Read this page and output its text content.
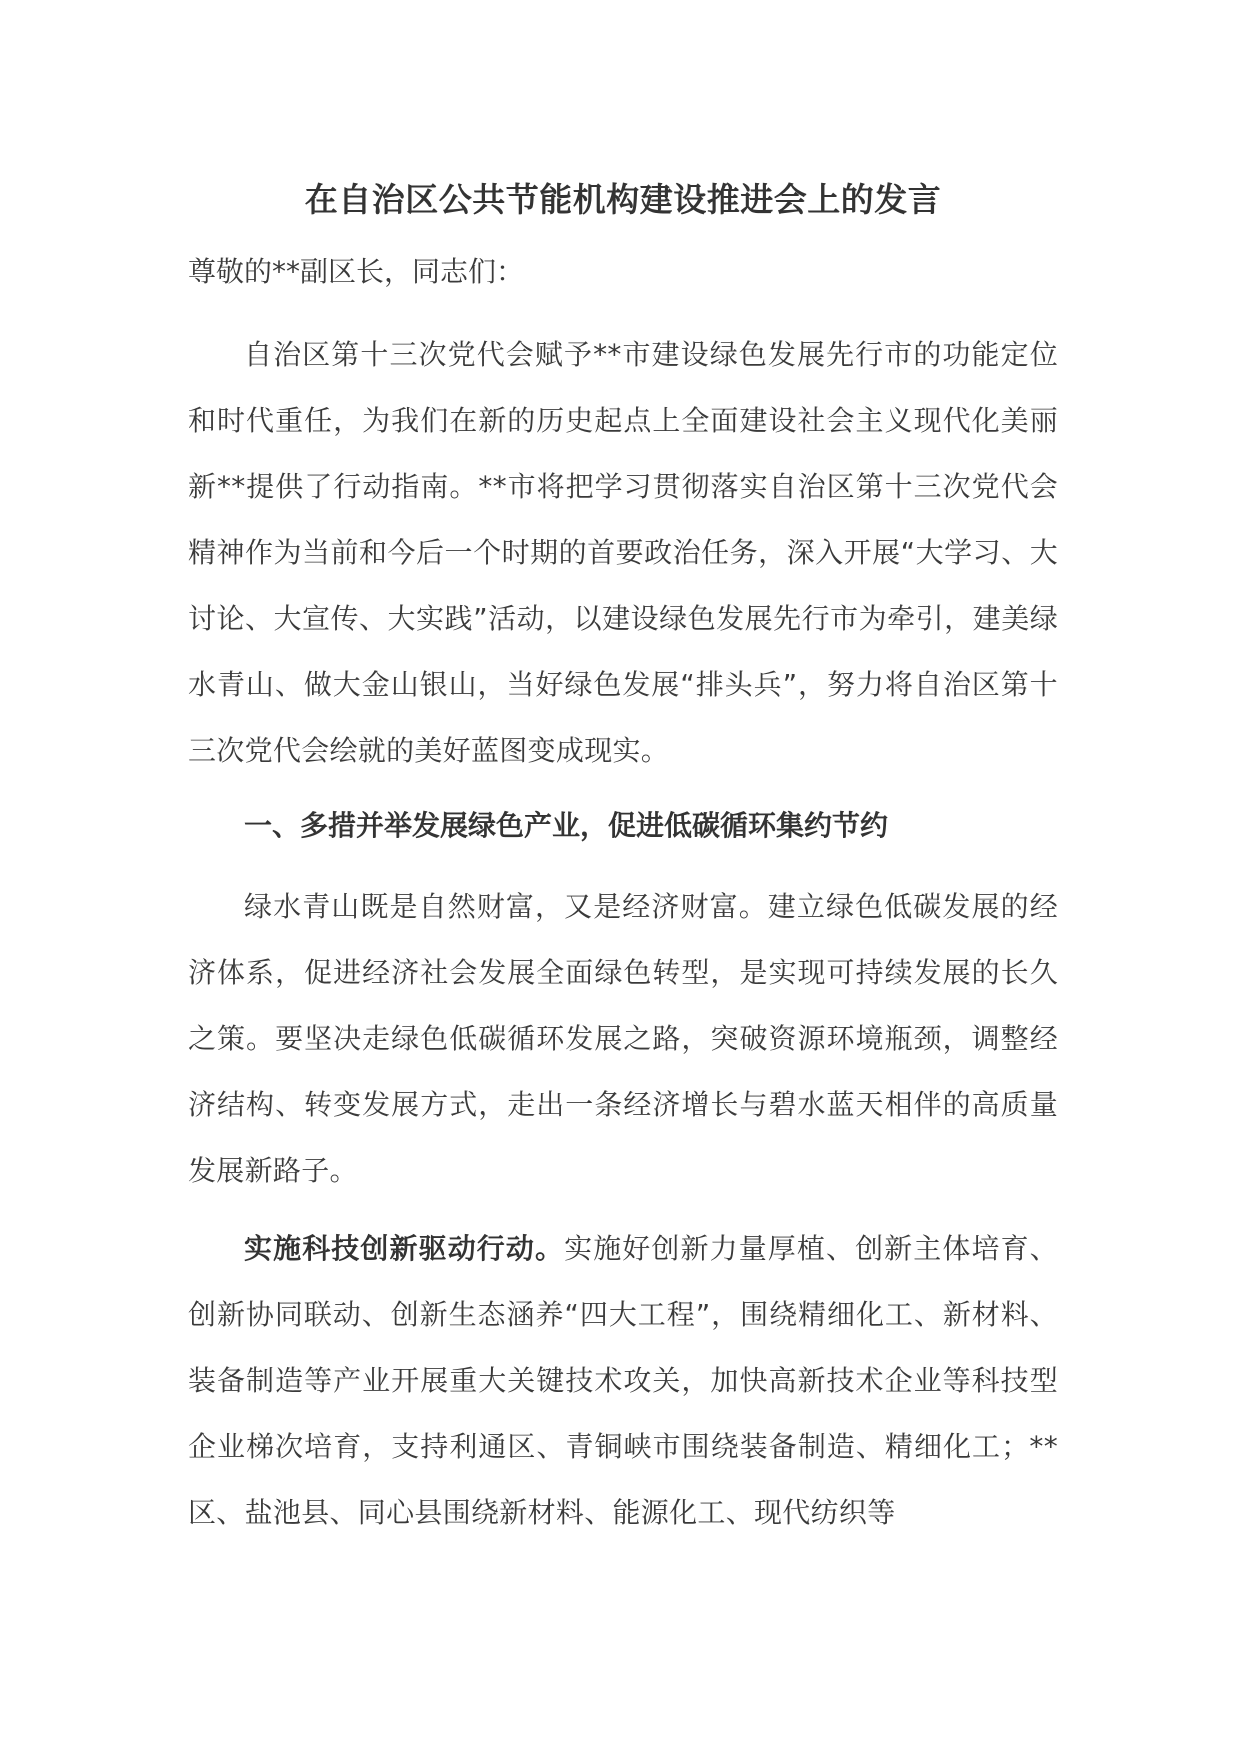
在自治区公共节能机构建设推进会上的发言

尊敬的**副区长，同志们：

自治区第十三次党代会赋予**市建设绿色发展先行市的功能定位和时代重任，为我们在新的历史起点上全面建设社会主义现代化美丽新**提供了行动指南。**市将把学习贯彻落实自治区第十三次党代会精神作为当前和今后一个时期的首要政治任务，深入开展“大学习、大讨论、大宣传、大实践”活动，以建设绿色发展先行市为牵引，建美绿水青山、做大金山银山，当好绿色发展“排头兵”，努力将自治区第十三次党代会绘就的美好蓝图变成现实。

一、多措并举发展绿色产业，促进低碳循环集约节约

绿水青山既是自然财富，又是经济财富。建立绿色低碳发展的经济体系，促进经济社会发展全面绿色转型，是实现可持续发展的长久之策。要坚决走绿色低碳循环发展之路，突破资源环境瓶颈，调整经济结构、转变发展方式，走出一条经济增长与碧水蓝天相伴的高质量发展新路子。

实施科技创新驱动行动。实施好创新力量厚植、创新主体培育、创新协同联动、创新生态涵养“四大工程”，围绕精细化工、新材料、装备制造等产业开展重大关键技术攻关，加快高新技术企业等科技型企业梯次培育，支持利通区、青铜峡市围绕装备制造、精细化工；**区、盐池县、同心县围绕新材料、能源化工、现代纺织等
